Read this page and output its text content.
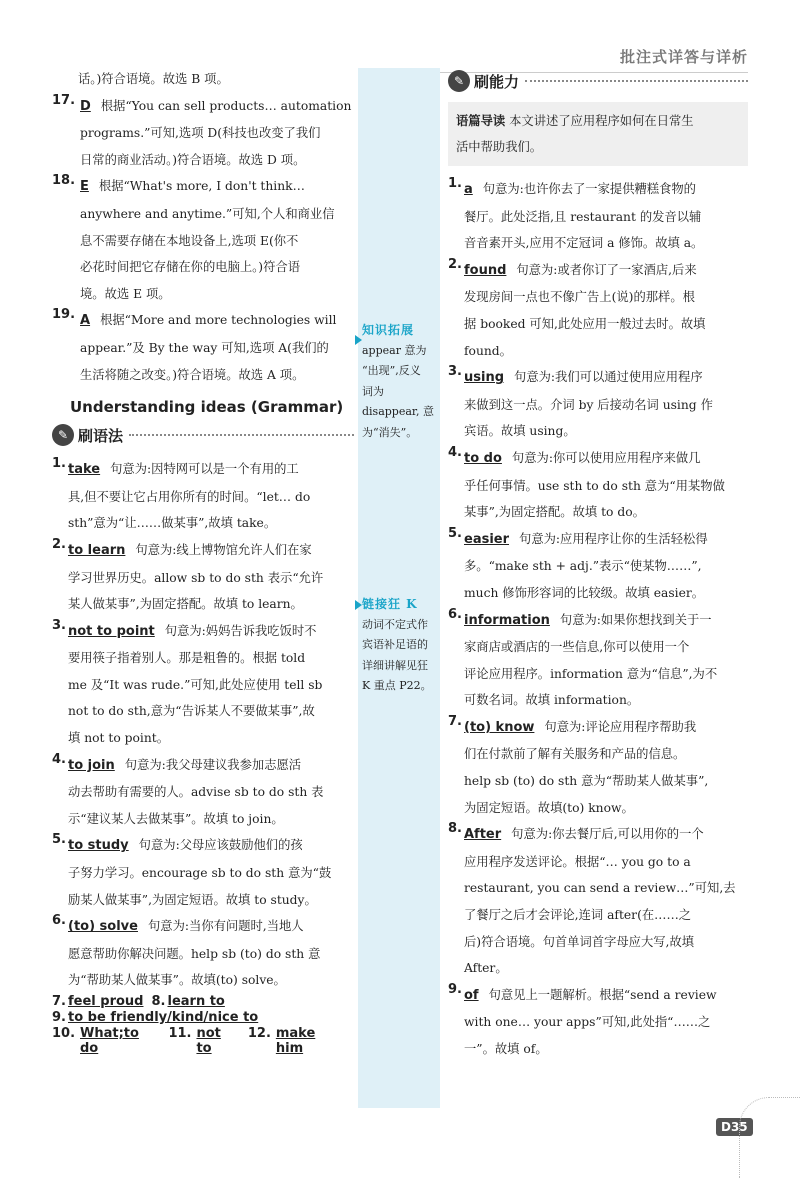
批注式详答与详析
知识拓展
appear 意为
“出现”,反义
词为
disappear, 意
为“消失”。
链接狂 K
动词不定式作
宾语补足语的
详细讲解见狂
K 重点 P22。
话。)符合语境。故选 B 项。
17. D 根据“You can sell products… automation
programs.”可知,选项 D(科技也改变了我们
日常的商业活动。)符合语境。故选 D 项。
18. E 根据“What's more, I don't think…
anywhere and anytime.”可知,个人和商业信
息不需要存储在本地设备上,选项 E(你不
必花时间把它存储在你的电脑上。)符合语
境。故选 E 项。
19. A 根据“More and more technologies will
appear.”及 By the way 可知,选项 A(我们的
生活将随之改变。)符合语境。故选 A 项。
Understanding ideas (Grammar)
✎ 刷语法
1. take 句意为:因特网可以是一个有用的工
具,但不要让它占用你所有的时间。“let… do
sth”意为“让……做某事”,故填 take。
2. to learn 句意为:线上博物馆允许人们在家
学习世界历史。allow sb to do sth 表示“允许
某人做某事”,为固定搭配。故填 to learn。
3. not to point 句意为:妈妈告诉我吃饭时不
要用筷子指着别人。那是粗鲁的。根据 told
me 及“It was rude.”可知,此处应使用 tell sb
not to do sth,意为“告诉某人不要做某事”,故
填 not to point。
4. to join 句意为:我父母建议我参加志愿活
动去帮助有需要的人。advise sb to do sth 表
示“建议某人去做某事”。故填 to join。
5. to study 句意为:父母应该鼓励他们的孩
子努力学习。encourage sb to do sth 意为“鼓
励某人做某事”,为固定短语。故填 to study。
6. (to) solve 句意为:当你有问题时,当地人
愿意帮助你解决问题。help sb (to) do sth 意
为“帮助某人做某事”。故填(to) solve。
7. feel proud 8. learn to
9. to be friendly/kind/nice to
10. What;to do
11. not to
12. make him
✎ 刷能力
语篇导读 本文讲述了应用程序如何在日常生
活中帮助我们。
1. a 句意为:也许你去了一家提供糟糕食物的
餐厅。此处泛指,且 restaurant 的发音以辅
音音素开头,应用不定冠词 a 修饰。故填 a。
2. found 句意为:或者你订了一家酒店,后来
发现房间一点也不像广告上(说)的那样。根
据 booked 可知,此处应用一般过去时。故填
found。
3. using 句意为:我们可以通过使用应用程序
来做到这一点。介词 by 后接动名词 using 作
宾语。故填 using。
4. to do 句意为:你可以使用应用程序来做几
乎任何事情。use sth to do sth 意为“用某物做
某事”,为固定搭配。故填 to do。
5. easier 句意为:应用程序让你的生活轻松得
多。“make sth + adj.”表示“使某物……”,
much 修饰形容词的比较级。故填 easier。
6. information 句意为:如果你想找到关于一
家商店或酒店的一些信息,你可以使用一个
评论应用程序。information 意为“信息”,为不
可数名词。故填 information。
7. (to) know 句意为:评论应用程序帮助我
们在付款前了解有关服务和产品的信息。
help sb (to) do sth 意为“帮助某人做某事”,
为固定短语。故填(to) know。
8. After 句意为:你去餐厅后,可以用你的一个
应用程序发送评论。根据“… you go to a
restaurant, you can send a review…”可知,去
了餐厅之后才会评论,连词 after(在……之
后)符合语境。句首单词首字母应大写,故填
After。
9. of 句意见上一题解析。根据“send a review
with one… your apps”可知,此处指“……之
一”。故填 of。
D35
